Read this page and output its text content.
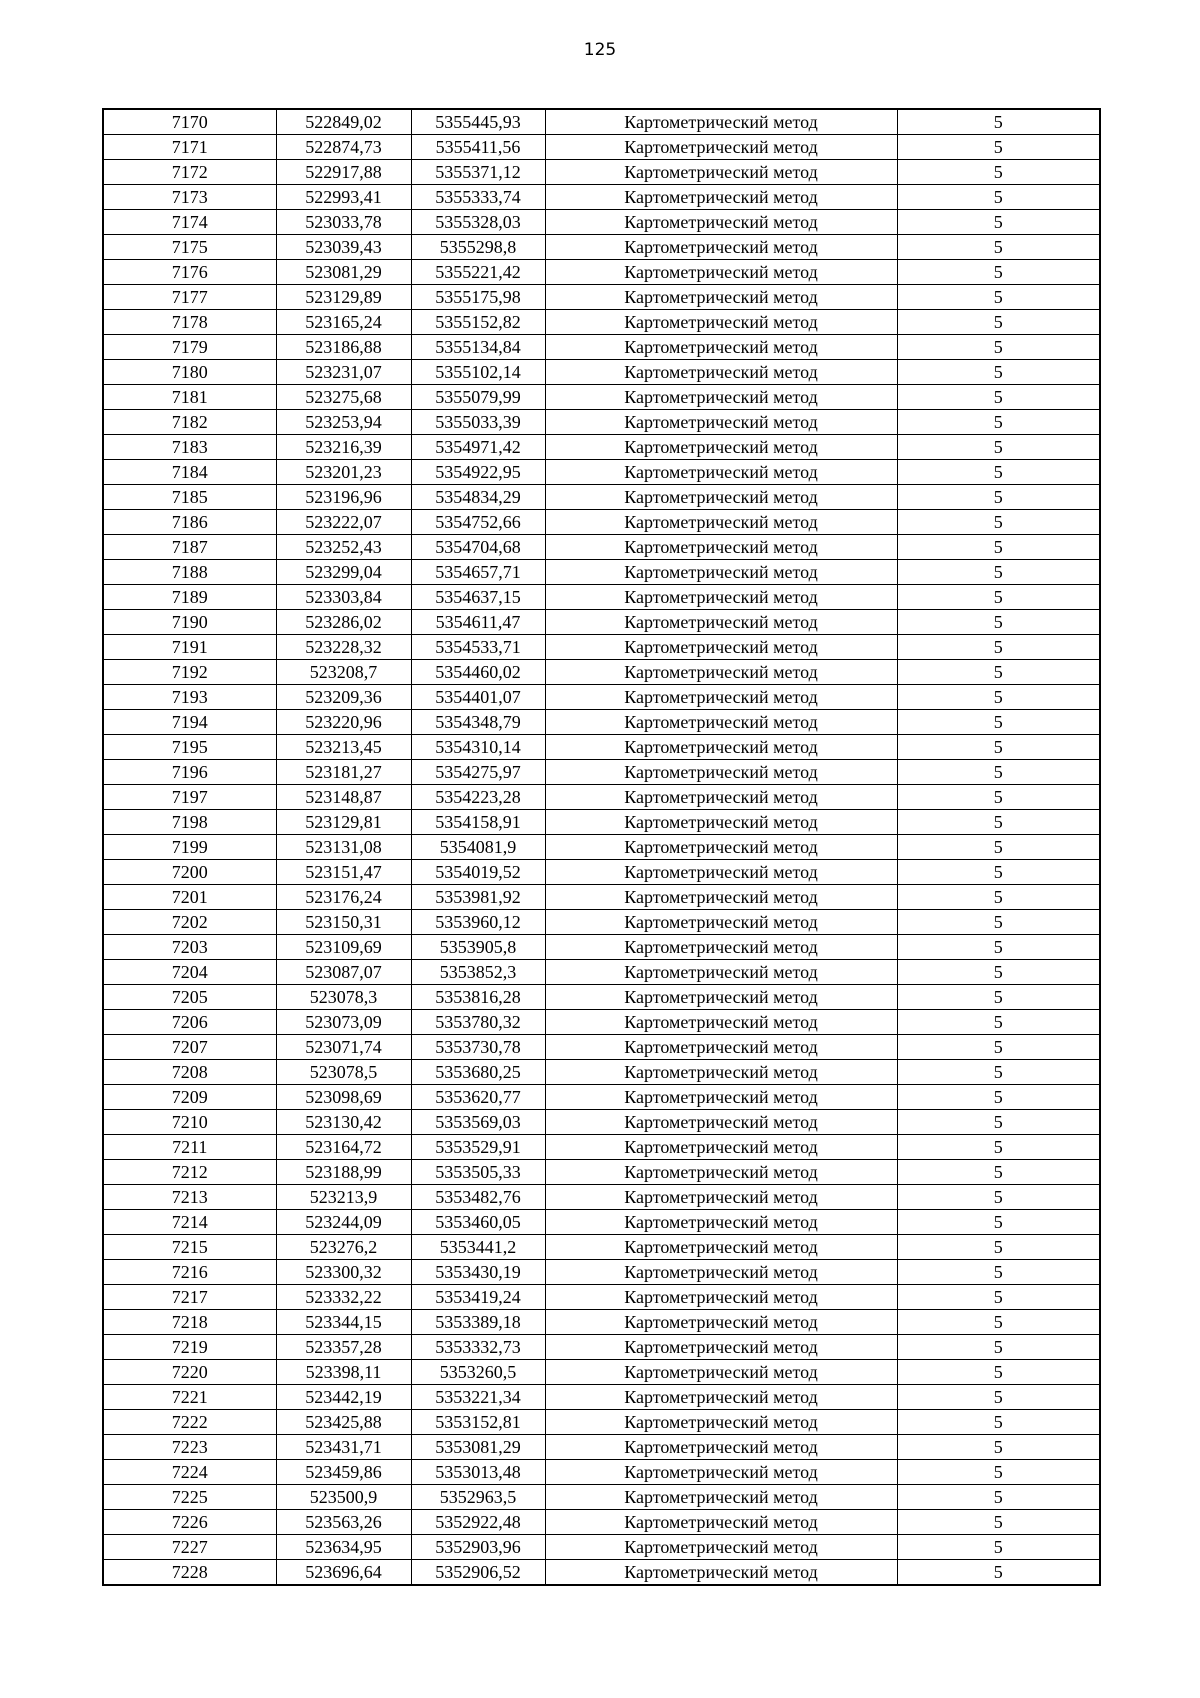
125
7170	522849,02	5355445,93	Картометрический метод	5
7171	522874,73	5355411,56	Картометрический метод	5
7172	522917,88	5355371,12	Картометрический метод	5
7173	522993,41	5355333,74	Картометрический метод	5
7174	523033,78	5355328,03	Картометрический метод	5
7175	523039,43	5355298,8	Картометрический метод	5
7176	523081,29	5355221,42	Картометрический метод	5
7177	523129,89	5355175,98	Картометрический метод	5
7178	523165,24	5355152,82	Картометрический метод	5
7179	523186,88	5355134,84	Картометрический метод	5
7180	523231,07	5355102,14	Картометрический метод	5
7181	523275,68	5355079,99	Картометрический метод	5
7182	523253,94	5355033,39	Картометрический метод	5
7183	523216,39	5354971,42	Картометрический метод	5
7184	523201,23	5354922,95	Картометрический метод	5
7185	523196,96	5354834,29	Картометрический метод	5
7186	523222,07	5354752,66	Картометрический метод	5
7187	523252,43	5354704,68	Картометрический метод	5
7188	523299,04	5354657,71	Картометрический метод	5
7189	523303,84	5354637,15	Картометрический метод	5
7190	523286,02	5354611,47	Картометрический метод	5
7191	523228,32	5354533,71	Картометрический метод	5
7192	523208,7	5354460,02	Картометрический метод	5
7193	523209,36	5354401,07	Картометрический метод	5
7194	523220,96	5354348,79	Картометрический метод	5
7195	523213,45	5354310,14	Картометрический метод	5
7196	523181,27	5354275,97	Картометрический метод	5
7197	523148,87	5354223,28	Картометрический метод	5
7198	523129,81	5354158,91	Картометрический метод	5
7199	523131,08	5354081,9	Картометрический метод	5
7200	523151,47	5354019,52	Картометрический метод	5
7201	523176,24	5353981,92	Картометрический метод	5
7202	523150,31	5353960,12	Картометрический метод	5
7203	523109,69	5353905,8	Картометрический метод	5
7204	523087,07	5353852,3	Картометрический метод	5
7205	523078,3	5353816,28	Картометрический метод	5
7206	523073,09	5353780,32	Картометрический метод	5
7207	523071,74	5353730,78	Картометрический метод	5
7208	523078,5	5353680,25	Картометрический метод	5
7209	523098,69	5353620,77	Картометрический метод	5
7210	523130,42	5353569,03	Картометрический метод	5
7211	523164,72	5353529,91	Картометрический метод	5
7212	523188,99	5353505,33	Картометрический метод	5
7213	523213,9	5353482,76	Картометрический метод	5
7214	523244,09	5353460,05	Картометрический метод	5
7215	523276,2	5353441,2	Картометрический метод	5
7216	523300,32	5353430,19	Картометрический метод	5
7217	523332,22	5353419,24	Картометрический метод	5
7218	523344,15	5353389,18	Картометрический метод	5
7219	523357,28	5353332,73	Картометрический метод	5
7220	523398,11	5353260,5	Картометрический метод	5
7221	523442,19	5353221,34	Картометрический метод	5
7222	523425,88	5353152,81	Картометрический метод	5
7223	523431,71	5353081,29	Картометрический метод	5
7224	523459,86	5353013,48	Картометрический метод	5
7225	523500,9	5352963,5	Картометрический метод	5
7226	523563,26	5352922,48	Картометрический метод	5
7227	523634,95	5352903,96	Картометрический метод	5
7228	523696,64	5352906,52	Картометрический метод	5
